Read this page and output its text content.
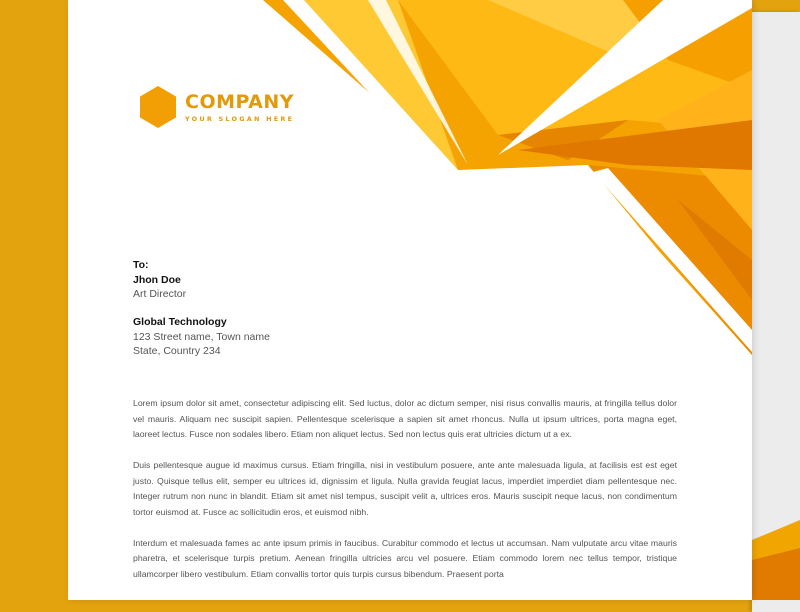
COMPANY
YOUR SLOGAN HERE
To:
Jhon Doe
Art Director
Global Technology
123 Street name, Town name
State, Country 234

Lorem ipsum dolor sit amet, consectetur adipiscing elit. Sed luctus, dolor ac dictum semper, nisi risus convallis mauris, at fringilla tellus dolor vel mauris. Aliquam nec suscipit sapien. Pellentesque scelerisque a sapien sit amet rhoncus. Nulla ut ipsum ultrices, porta magna eget, laoreet lectus. Fusce non sodales libero. Etiam non aliquet lectus. Sed non lectus quis erat ultricies dictum ut a ex.

Duis pellentesque augue id maximus cursus. Etiam fringilla, nisi in vestibulum posuere, ante ante malesuada ligula, at facilisis est est eget justo. Quisque tellus elit, semper eu ultrices id, dignissim et ligula. Nulla gravida feugiat lacus, imperdiet imperdiet diam pellentesque nec. Integer rutrum non nunc in blandit. Etiam sit amet nisl tempus, suscipit velit a, ultrices eros. Mauris suscipit neque lacus, non condimentum tortor euismod at. Fusce ac sollicitudin eros, et euismod nibh.

Interdum et malesuada fames ac ante ipsum primis in faucibus. Curabitur commodo et lectus ut accumsan. Nam vulputate arcu vitae mauris pharetra, et scelerisque turpis pretium. Aenean fringilla ultricies arcu vel posuere. Etiam commodo lorem nec tellus tempor, tristique ullamcorper libero vestibulum. Etiam convallis tortor quis turpis cursus bibendum. Praesent porta
